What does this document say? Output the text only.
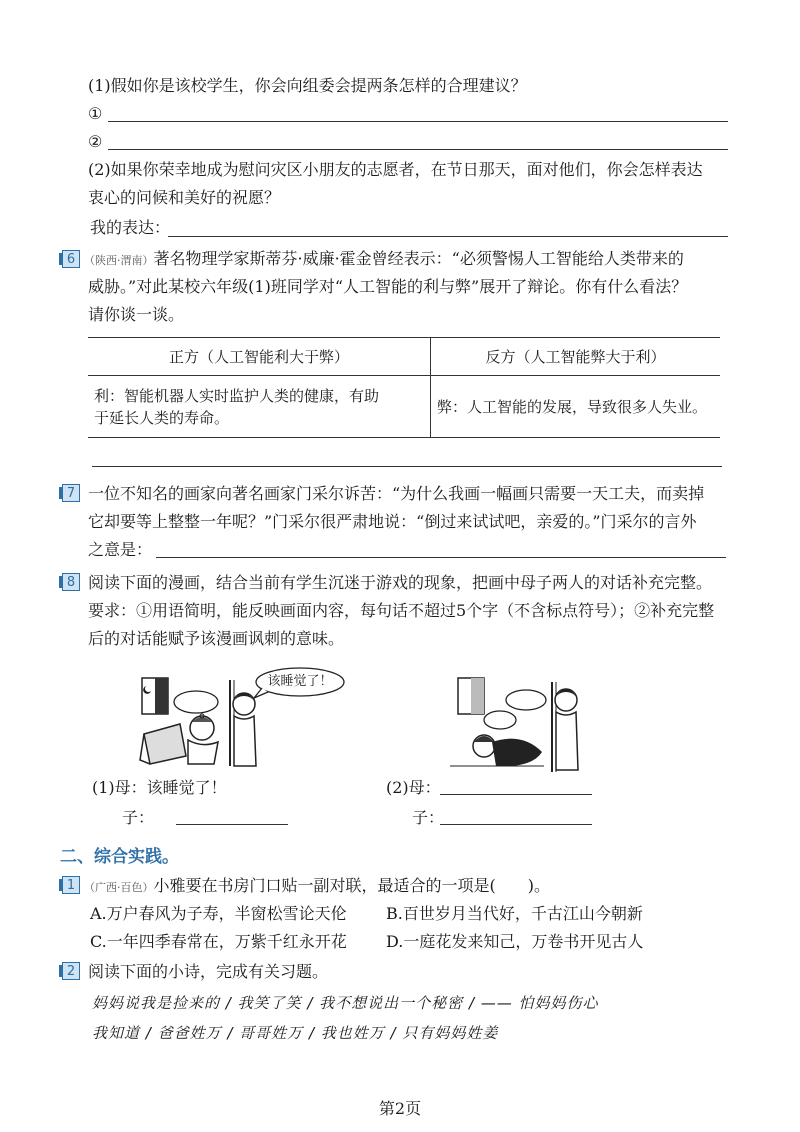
(1)假如你是该校学生，你会向组委会提两条怎样的合理建议？
①
②
(2)如果你荣幸地成为慰问灾区小朋友的志愿者，在节日那天，面对他们，你会怎样表达
衷心的问候和美好的祝愿？
我的表达：
6 （陕西·渭南）著名物理学家斯蒂芬·威廉·霍金曾经表示：“必须警惕人工智能给人类带来的
威胁。”对此某校六年级(1)班同学对“人工智能的利与弊”展开了辩论。你有什么看法？
请你谈一谈。
正方（人工智能利大于弊）	反方（人工智能弊大于利）

利：智能机器人实时监护人类的健康，有助
于延长人类的寿命。	弊：人工智能的发展，导致很多人失业。
7 一位不知名的画家向著名画家门采尔诉苦：“为什么我画一幅画只需要一天工夫，而卖掉
它却要等上整整一年呢？”门采尔很严肃地说：“倒过来试试吧，亲爱的。”门采尔的言外
之意是：
8 阅读下面的漫画，结合当前有学生沉迷于游戏的现象，把画中母子两人的对话补充完整。
要求：①用语简明，能反映画面内容，每句话不超过5个字（不含标点符号）；②补充完整
后的对话能赋予该漫画讽刺的意味。
该睡觉了！
(1)母：该睡觉了！
子：
(2)母：
子：
二、综合实践。
1 （广西·百色）小雅要在书房门口贴一副对联，最适合的一项是(　　)。
A.万户春风为子寿，半窗松雪论天伦 B.百世岁月当代好，千古江山今朝新
C.一年四季春常在，万紫千红永开花 D.一庭花发来知己，万卷书开见古人
2 阅读下面的小诗，完成有关习题。
妈妈说我是捡来的 / 我笑了笑 / 我不想说出一个秘密 / —— 怕妈妈伤心
我知道 / 爸爸姓万 / 哥哥姓万 / 我也姓万 / 只有妈妈姓姜
第2页
